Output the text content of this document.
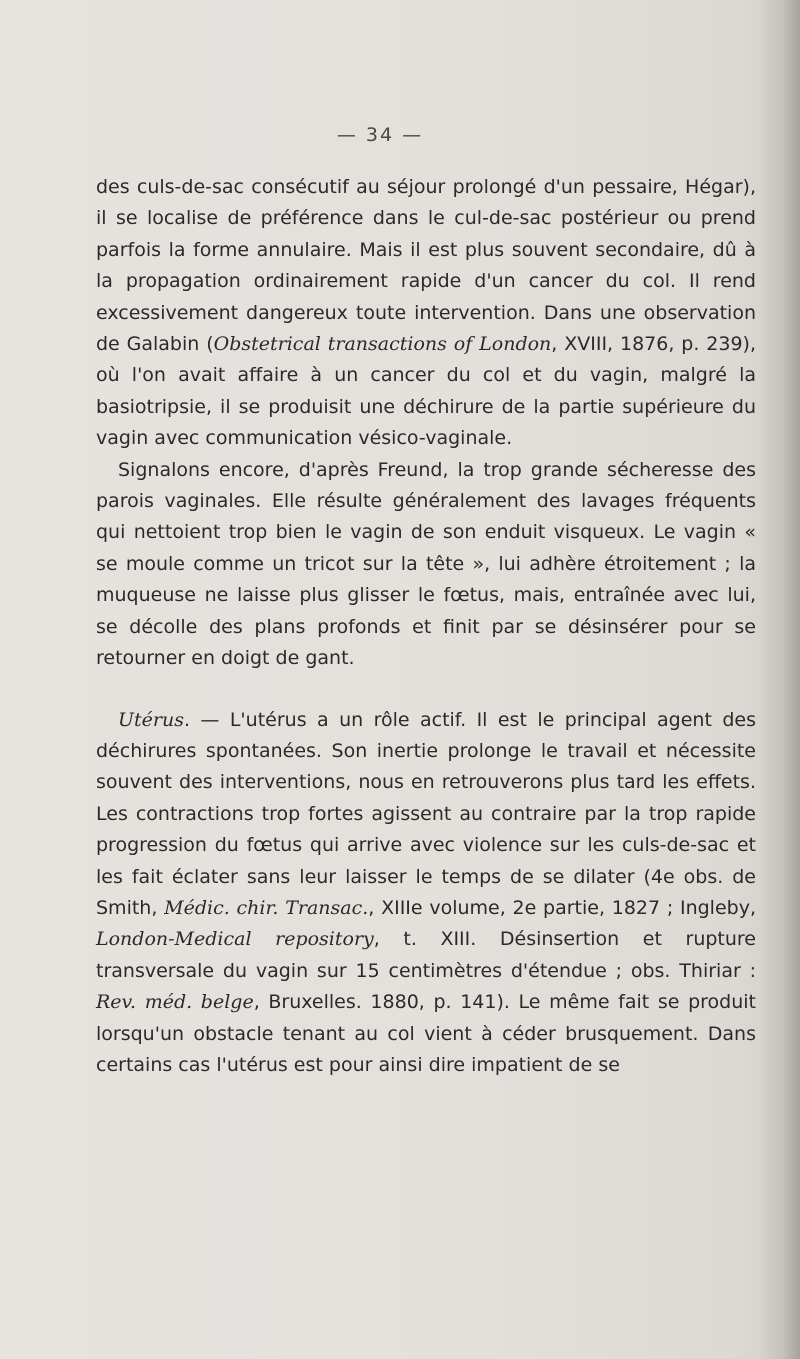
— 34 —

des culs-de-sac consécutif au séjour prolongé d'un pessaire, Hégar), il se localise de préférence dans le cul-de-sac postérieur ou prend parfois la forme annulaire. Mais il est plus souvent secondaire, dû à la propagation ordinairement rapide d'un cancer du col. Il rend excessivement dangereux toute intervention. Dans une observation de Galabin (Obstetrical transactions of London, XVIII, 1876, p. 239), où l'on avait affaire à un cancer du col et du vagin, malgré la basiotripsie, il se produisit une déchirure de la partie supérieure du vagin avec communication vésico-vaginale.

Signalons encore, d'après Freund, la trop grande sécheresse des parois vaginales. Elle résulte généralement des lavages fréquents qui nettoient trop bien le vagin de son enduit visqueux. Le vagin « se moule comme un tricot sur la tête », lui adhère étroitement ; la muqueuse ne laisse plus glisser le fœtus, mais, entraînée avec lui, se décolle des plans profonds et finit par se désinsérer pour se retourner en doigt de gant.

Utérus. — L'utérus a un rôle actif. Il est le principal agent des déchirures spontanées. Son inertie prolonge le travail et nécessite souvent des interventions, nous en retrouverons plus tard les effets. Les contractions trop fortes agissent au contraire par la trop rapide progression du fœtus qui arrive avec violence sur les culs-de-sac et les fait éclater sans leur laisser le temps de se dilater (4e obs. de Smith, Médic. chir. Transac., XIIIe volume, 2e partie, 1827 ; Ingleby, London-Medical repository, t. XIII. Désinsertion et rupture transversale du vagin sur 15 centimètres d'étendue ; obs. Thiriar : Rev. méd. belge, Bruxelles. 1880, p. 141). Le même fait se produit lorsqu'un obstacle tenant au col vient à céder brusquement. Dans certains cas l'utérus est pour ainsi dire impatient de se
